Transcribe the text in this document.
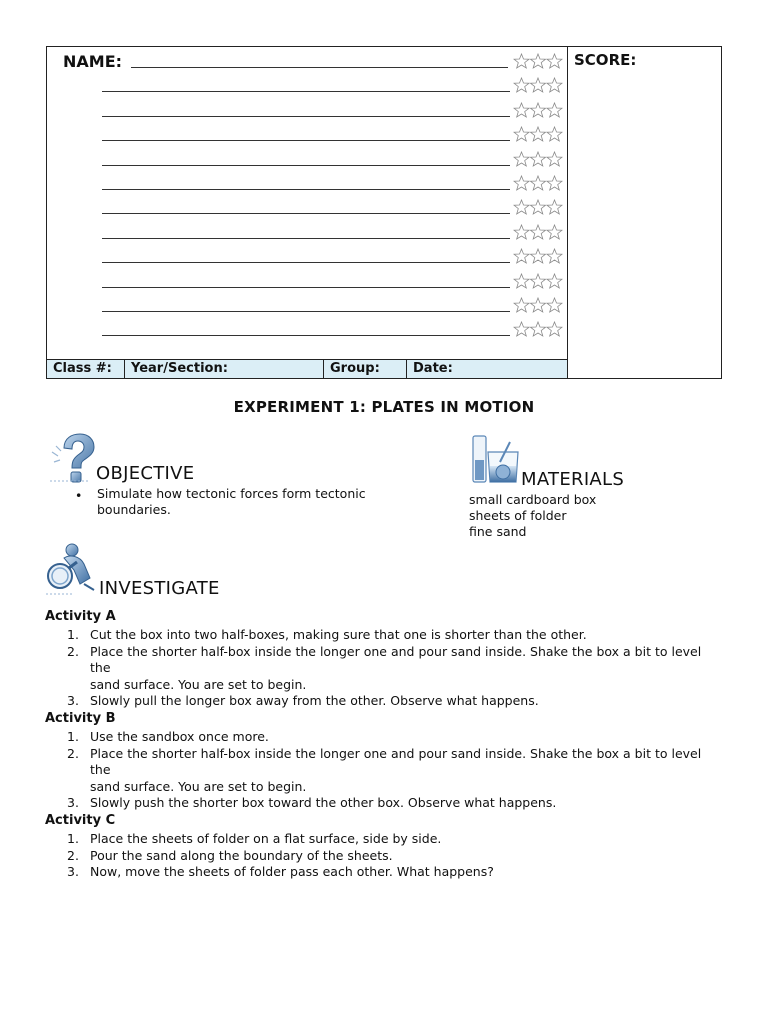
NAME:	SCORE:
Class #:	Year/Section:	Group:	Date:
EXPERIMENT 1: PLATES IN MOTION
OBJECTIVE
• Simulate how tectonic forces form tectonic
boundaries.
MATERIALS
small cardboard box
sheets of folder
fine sand
INVESTIGATE
Activity A
1. Cut the box into two half-boxes, making sure that one is shorter than the other.
2. Place the shorter half-box inside the longer one and pour sand inside. Shake the box a bit to level the
sand surface. You are set to begin.
3. Slowly pull the longer box away from the other. Observe what happens.
Activity B
1. Use the sandbox once more.
2. Place the shorter half-box inside the longer one and pour sand inside. Shake the box a bit to level the
sand surface. You are set to begin.
3. Slowly push the shorter box toward the other box. Observe what happens.
Activity C
1. Place the sheets of folder on a flat surface, side by side.
2. Pour the sand along the boundary of the sheets.
3. Now, move the sheets of folder pass each other. What happens?
